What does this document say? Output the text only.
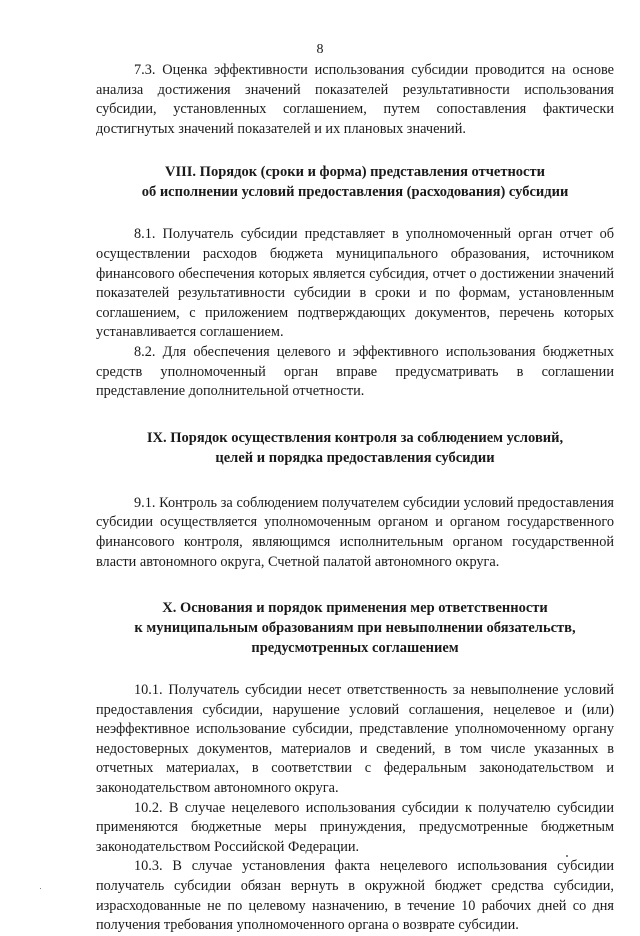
8

7.3. Оценка эффективности использования субсидии проводится на основе анализа достижения значений показателей результативности использования субсидии, установленных соглашением, путем сопоставления фактически достигнутых значений показателей и их плановых значений.

VIII. Порядок (сроки и форма) представления отчетности
об исполнении условий предоставления (расходования) субсидии

8.1. Получатель субсидии представляет в уполномоченный орган отчет об осуществлении расходов бюджета муниципального образования, источником финансового обеспечения которых является субсидия, отчет о достижении значений показателей результативности субсидии в сроки и по формам, установленным соглашением, с приложением подтверждающих документов, перечень которых устанавливается соглашением.

8.2. Для обеспечения целевого и эффективного использования бюджетных средств уполномоченный орган вправе предусматривать в соглашении представление дополнительной отчетности.

IX. Порядок осуществления контроля за соблюдением условий,
целей и порядка предоставления субсидии

9.1. Контроль за соблюдением получателем субсидии условий предоставления субсидии осуществляется уполномоченным органом и органом государственного финансового контроля, являющимся исполнительным органом государственной власти автономного округа, Счетной палатой автономного округа.

X. Основания и порядок применения мер ответственности
к муниципальным образованиям при невыполнении обязательств,
предусмотренных соглашением

10.1. Получатель субсидии несет ответственность за невыполнение условий предоставления субсидии, нарушение условий соглашения, нецелевое и (или) неэффективное использование субсидии, представление уполномоченному органу недостоверных документов, материалов и сведений, в том числе указанных в отчетных материалах, в соответствии с федеральным законодательством и законодательством автономного округа.

10.2. В случае нецелевого использования субсидии к получателю субсидии применяются бюджетные меры принуждения, предусмотренные бюджетным законодательством Российской Федерации.

10.3. В случае установления факта нецелевого использования субсидии получатель субсидии обязан вернуть в окружной бюджет средства субсидии, израсходованные не по целевому назначению, в течение 10 рабочих дней со дня получения требования уполномоченного органа о возврате субсидии.
